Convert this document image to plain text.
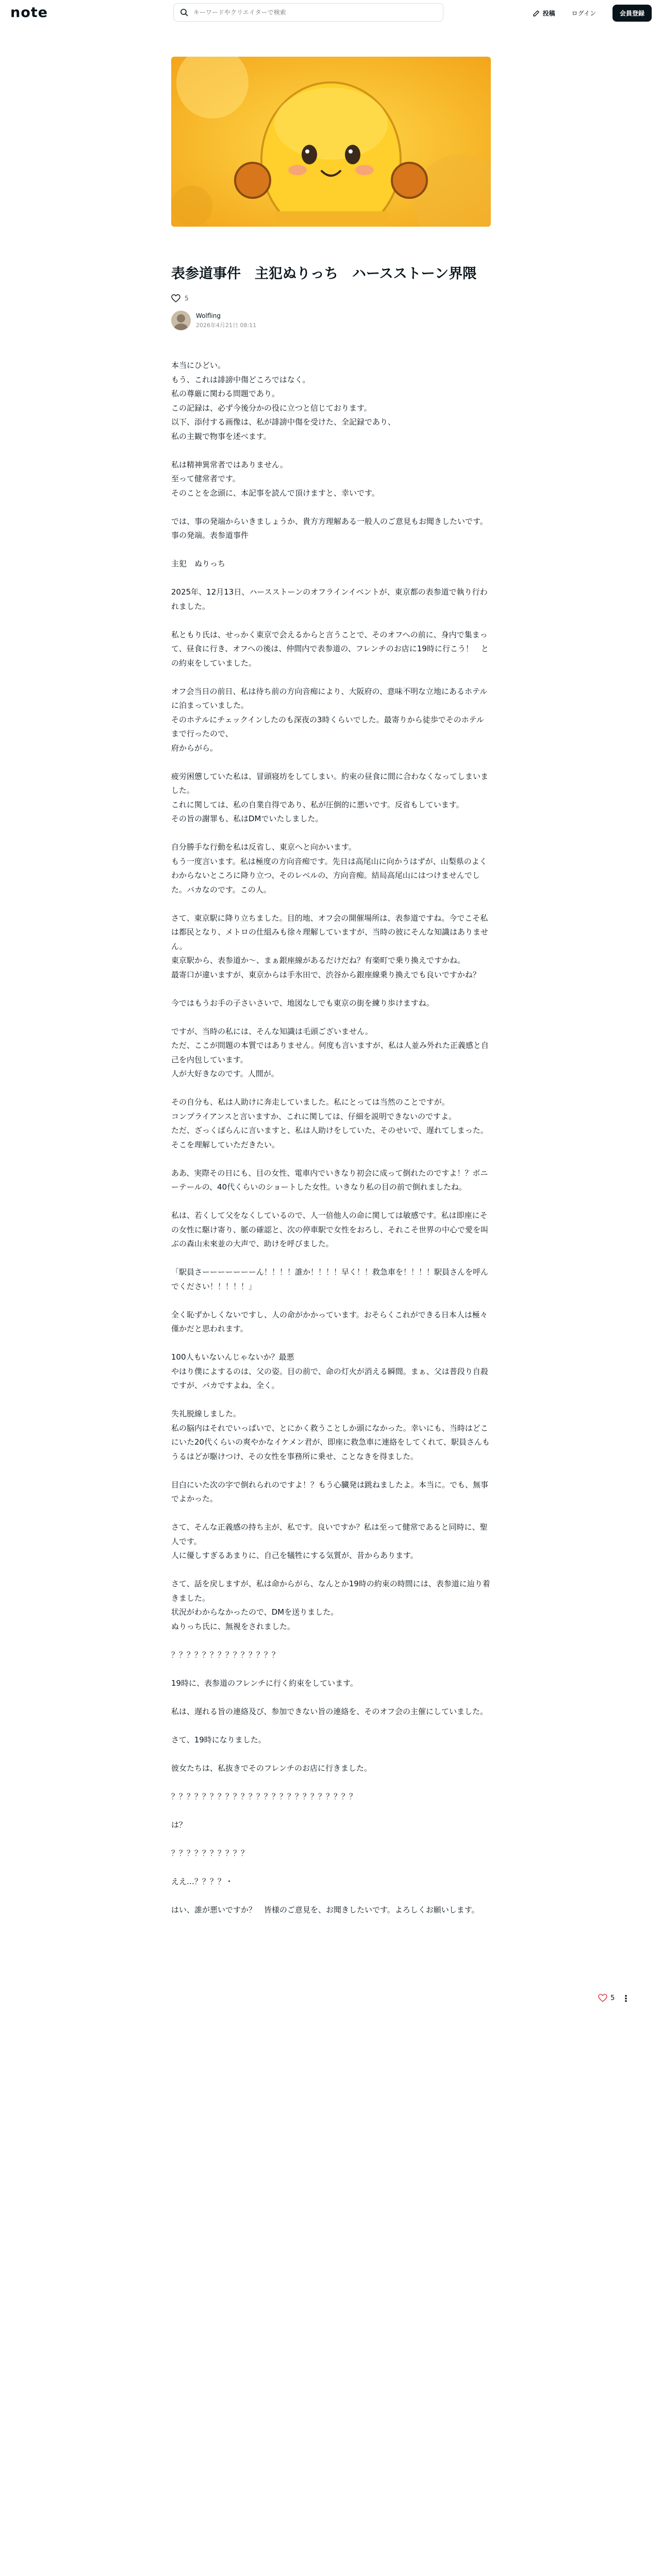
note
キーワードやクリエイターで検索	投稿	ログイン	会員登録
表参道事件　主犯ぬりっち　ハースストーン界隈
5
Wolfling
2026年4月21日 08:11

本当にひどい。
もう、これは誹謗中傷どころではなく。
私の尊厳に関わる問題であり。
この記録は、必ず今後分かの役に立つと信じております。
以下、添付する画像は、私が誹謗中傷を受けた、全記録であり、
私の主観で物事を述べます。

私は精神異常者ではありません。
至って健常者です。
そのことを念頭に、本記事を読んで頂けますと、幸いです。

では、事の発端からいきましょうか、貴方方理解ある一般人のご意見もお聞きしたいです。
事の発端。表参道事件

主犯　ぬりっち

2025年、12月13日、ハースストーンのオフラインイベントが、東京都の表参道で執り行われました。

私ともり氏は、せっかく東京で会えるからと言うことで、そのオフへの前に、身内で集まって、昼食に行き、オフへの後は、仲間内で表参道の、フレンチのお店に19時に行こう！　との約束をしていました。

オフ会当日の前日、私は待ち前の方向音痴により、大阪府の、意味不明な立地にあるホテルに泊まっていました。
そのホテルにチェックインしたのも深夜の3時くらいでした。最寄りから徒歩でそのホテルまで行ったので、
府からがら。

疲労困憊していた私は、冒頭寝坊をしてしまい。約束の昼食に間に合わなくなってしまいました。
これに関しては、私の自業自得であり、私が圧倒的に悪いです。反省もしています。
その旨の謝罪も、私はDMでいたしました。

自分勝手な行動を私は反省し、東京へと向かいます。
もう一度言います。私は極度の方向音痴です。先日は高尾山に向かうはずが、山梨県のよくわからないところに降り立つ、そのレベルの、方向音痴。結局高尾山にはつけませんでした。バカなのです。この人。

さて、東京駅に降り立ちました。目的地、オフ会の開催場所は、表参道ですね。今でこそ私は都民となり、メトロの仕組みも徐々理解していますが、当時の彼にそんな知識はありません。
東京駅から、表参道か〜、まぁ銀座線があるだけだね？有楽町で乗り換えですかね。
最寄口が違いますが、東京からは手氷田で、渋谷から銀座線乗り換えでも良いですかね？

今ではもうお手の子さいさいで、地図なしでも東京の街を練り歩けますね。

ですが、当時の私には、そんな知識は毛頭ございません。
ただ、ここが問題の本質ではありません。何度も言いますが、私は人並み外れた正義感と自己を内包しています。
人が大好きなのです。人間が。

その自分も、私は人助けに奔走していました。私にとっては当然のことですが。
コンプライアンスと言いますか、これに関しては、仔細を説明できないのですよ。
ただ、ざっくばらんに言いますと、私は人助けをしていた、そのせいで、遅れてしまった。
そこを理解していただきたい。

ああ、実際その日にも、目の女性、電車内でいきなり初会に成って倒れたのですよ！？ボニーテールの、40代くらいのショートした女性。いきなり私の目の前で倒れましたね。

私は、若くして父をなくしているので、人一倍他人の命に関しては敏感です。私は即座にその女性に駆け寄り、脈の確認と、次の停車駅で女性をおろし、それこそ世界の中心で愛を叫ぶの森山未來並の大声で、助けを呼びました。

「駅員さーーーーーーーん！！！！誰か！！！！早く！！救急車を！！！！駅員さんを呼んでください！！！！！」

全く恥ずかしくないですし、人の命がかかっています。おそらくこれができる日本人は極々僅かだと思われます。

100人もいないんじゃないか？最悪
やはり僕によするのは、父の姿。目の前で、命の灯火が消える瞬間。まぁ、父は普段り自殺ですが、バカですよね、全く。

失礼脱線しました。
私の脳内はそれでいっぱいで、とにかく救うことしか頭になかった。幸いにも、当時はどこにいた20代くらいの爽やかなイケメン君が、即座に救急車に連絡をしてくれて、駅員さんもうるはどが駆けつけ、その女性を事務所に乗せ、ことなきを得ました。

目白にいた次の字で倒れられのですよ！？もう心臓発は跳ねましたよ。本当に。でも、無事でよかった。

さて、そんな正義感の持ち主が、私です。良いですか？私は至って健常であると同時に、聖人です。
人に優しすぎるあまりに、自己を犠牲にする気質が、昔からあります。

さて、話を戻しますが、私は命からがら、なんとか19時の約束の時間には、表参道に辿り着きました。
状況がわからなかったので、DMを送りました。
ぬりっち氏に、無視をされました。

？？？？？？？？？？？？？？

19時に、表参道のフレンチに行く約束をしています。

私は、遅れる旨の連絡及び、参加できない旨の連絡を、そのオフ会の主催にしていました。

さて、19時になりました。

彼女たちは、私抜きでそのフレンチのお店に行きました。

？？？？？？？？？？？？？？？？？？？？？？？？

は？

？？？？？？？？？？

ええ…？？？？・

はい、誰が悪いですか？　皆様のご意見を、お聞きしたいです。よろしくお願いします。

5
